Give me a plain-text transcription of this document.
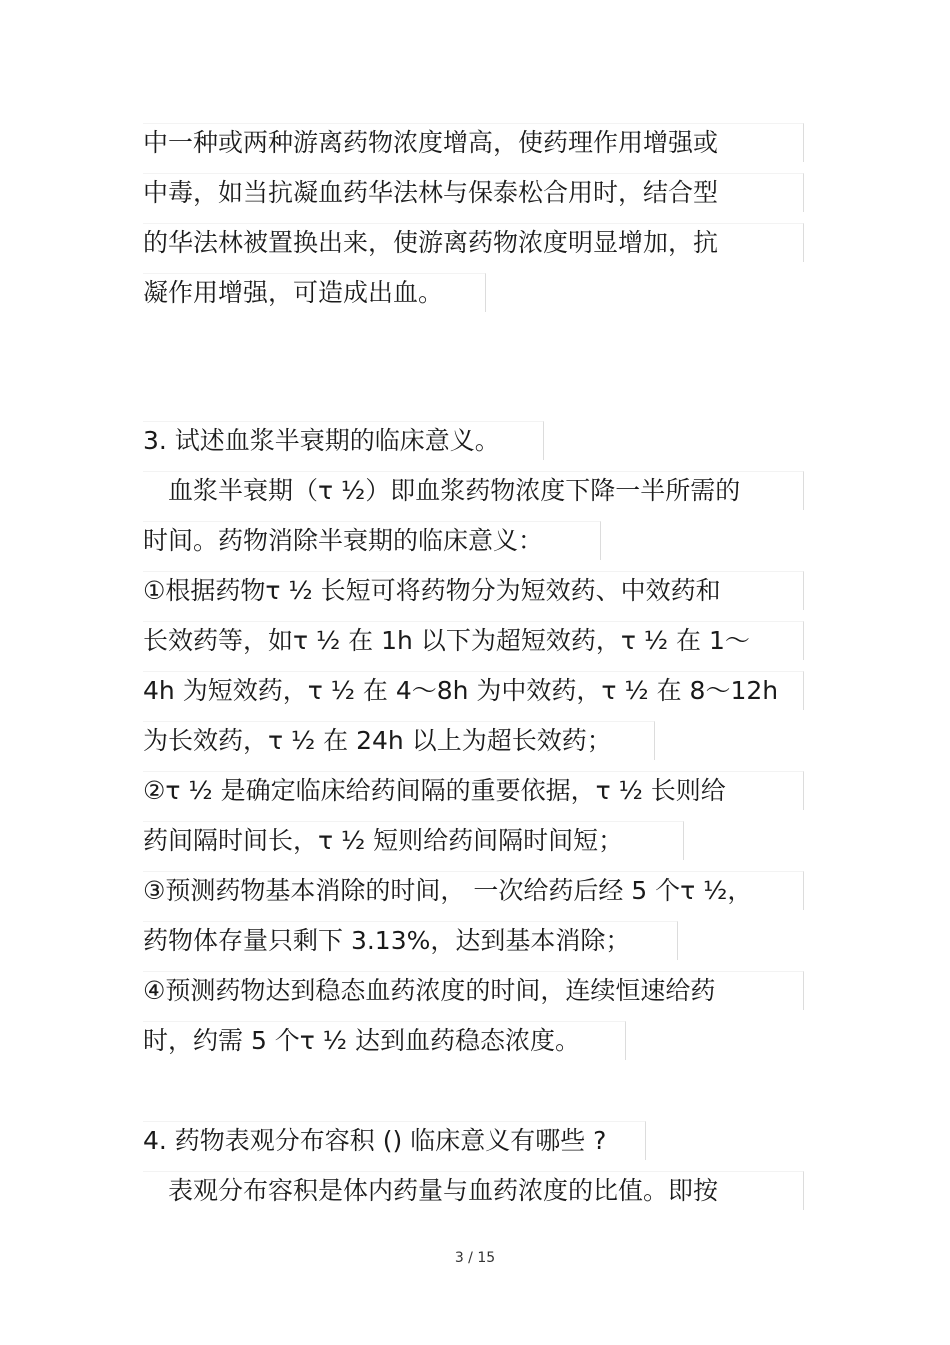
中一种或两种游离药物浓度增高，使药理作用增强或
中毒，如当抗凝血药华法林与保泰松合用时，结合型
的华法林被置换出来，使游离药物浓度明显增加，抗
凝作用增强，可造成出血。
3. 试述血浆半衰期的临床意义。
　血浆半衰期（τ ½）即血浆药物浓度下降一半所需的
时间。药物消除半衰期的临床意义：
①根据药物τ ½ 长短可将药物分为短效药、中效药和
长效药等，如τ ½ 在 1h 以下为超短效药，τ ½ 在 1～
4h 为短效药，τ ½ 在 4～8h 为中效药，τ ½ 在 8～12h
为长效药，τ ½ 在 24h 以上为超长效药；
②τ ½ 是确定临床给药间隔的重要依据，τ ½ 长则给
药间隔时间长，τ ½ 短则给药间隔时间短；
③预测药物基本消除的时间， 一次给药后经 5 个τ ½，
药物体存量只剩下 3.13%，达到基本消除；
④预测药物达到稳态血药浓度的时间，连续恒速给药
时，约需 5 个τ ½ 达到血药稳态浓度。
4. 药物表观分布容积 () 临床意义有哪些 ?
　表观分布容积是体内药量与血药浓度的比值。即按
3 / 15
